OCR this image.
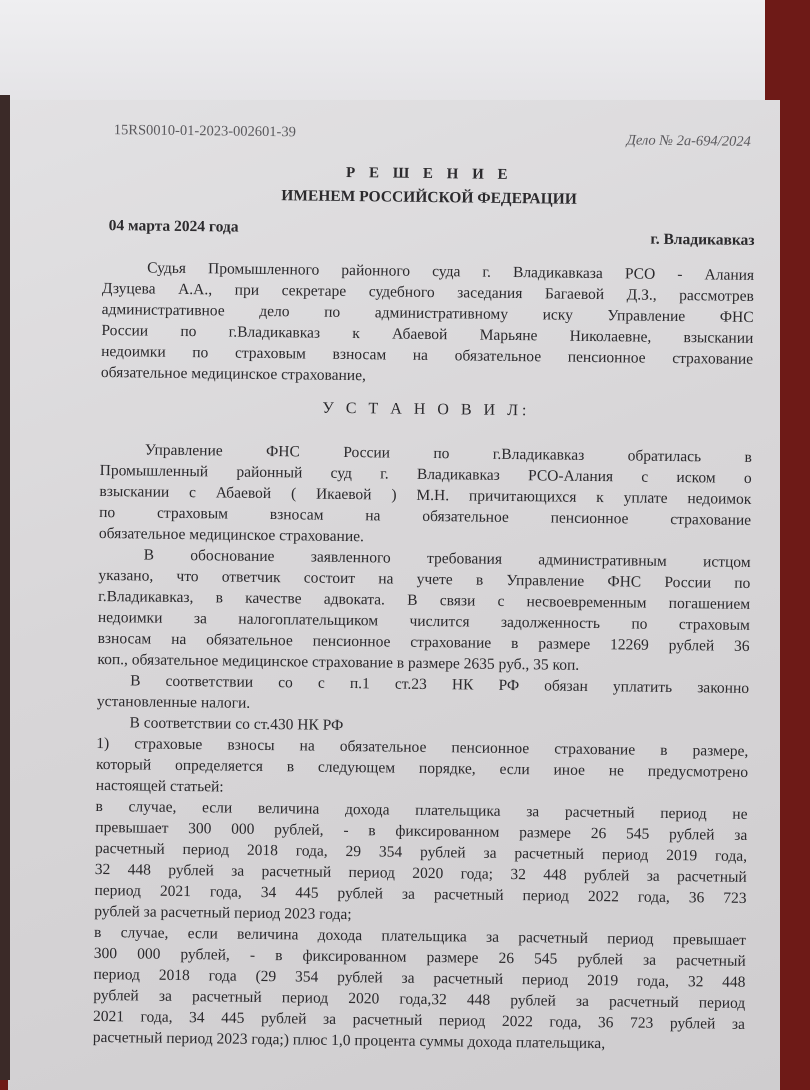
15RS0010-01-2023-002601-39
Дело № 2а-694/2024
Р Е Ш Е Н И Е
ИМЕНЕМ РОССИЙСКОЙ ФЕДЕРАЦИИ
04 марта 2024 года
г. Владикавказ
Судья Промышленного районного суда г. Владикавказа РСО - Алания
Дзуцева А.А., при секретаре судебного заседания Багаевой Д.З., рассмотрев
административное дело по административному иску Управление ФНС
России по г.Владикавказ к Абаевой Марьяне Николаевне, взыскании
недоимки по страховым взносам на обязательное пенсионное страхование
обязательное медицинское страхование,
У С Т А Н О В И Л:
Управление ФНС России по г.Владикавказ обратилась в
Промышленный районный суд г. Владикавказ РСО-Алания с иском о
взыскании с Абаевой ( Икаевой ) М.Н. причитающихся к уплате недоимок
по страховым взносам на обязательное пенсионное страхование
обязательное медицинское страхование.
В обоснование заявленного требования административным истцом
указано, что ответчик состоит на учете в Управление ФНС России по
г.Владикавказ, в качестве адвоката. В связи с несвоевременным погашением
недоимки за налогоплательщиком числится задолженность по страховым
взносам на обязательное пенсионное страхование в размере 12269 рублей 36
коп., обязательное медицинское страхование в размере 2635 руб., 35 коп.
В соответствии со с п.1 ст.23 НК РФ обязан уплатить законно
установленные налоги.
В соответствии со ст.430 НК РФ
1) страховые взносы на обязательное пенсионное страхование в размере,
который определяется в следующем порядке, если иное не предусмотрено
настоящей статьей:
в случае, если величина дохода плательщика за расчетный период не
превышает 300 000 рублей, - в фиксированном размере 26 545 рублей за
расчетный период 2018 года, 29 354 рублей за расчетный период 2019 года,
32 448 рублей за расчетный период 2020 года; 32 448 рублей за расчетный
период 2021 года, 34 445 рублей за расчетный период 2022 года, 36 723
рублей за расчетный период 2023 года;
в случае, если величина дохода плательщика за расчетный период превышает
300 000 рублей, - в фиксированном размере 26 545 рублей за расчетный
период 2018 года (29 354 рублей за расчетный период 2019 года, 32 448
рублей за расчетный период 2020 года,32 448 рублей за расчетный период
2021 года, 34 445 рублей за расчетный период 2022 года, 36 723 рублей за
расчетный период 2023 года;) плюс 1,0 процента суммы дохода плательщика,
